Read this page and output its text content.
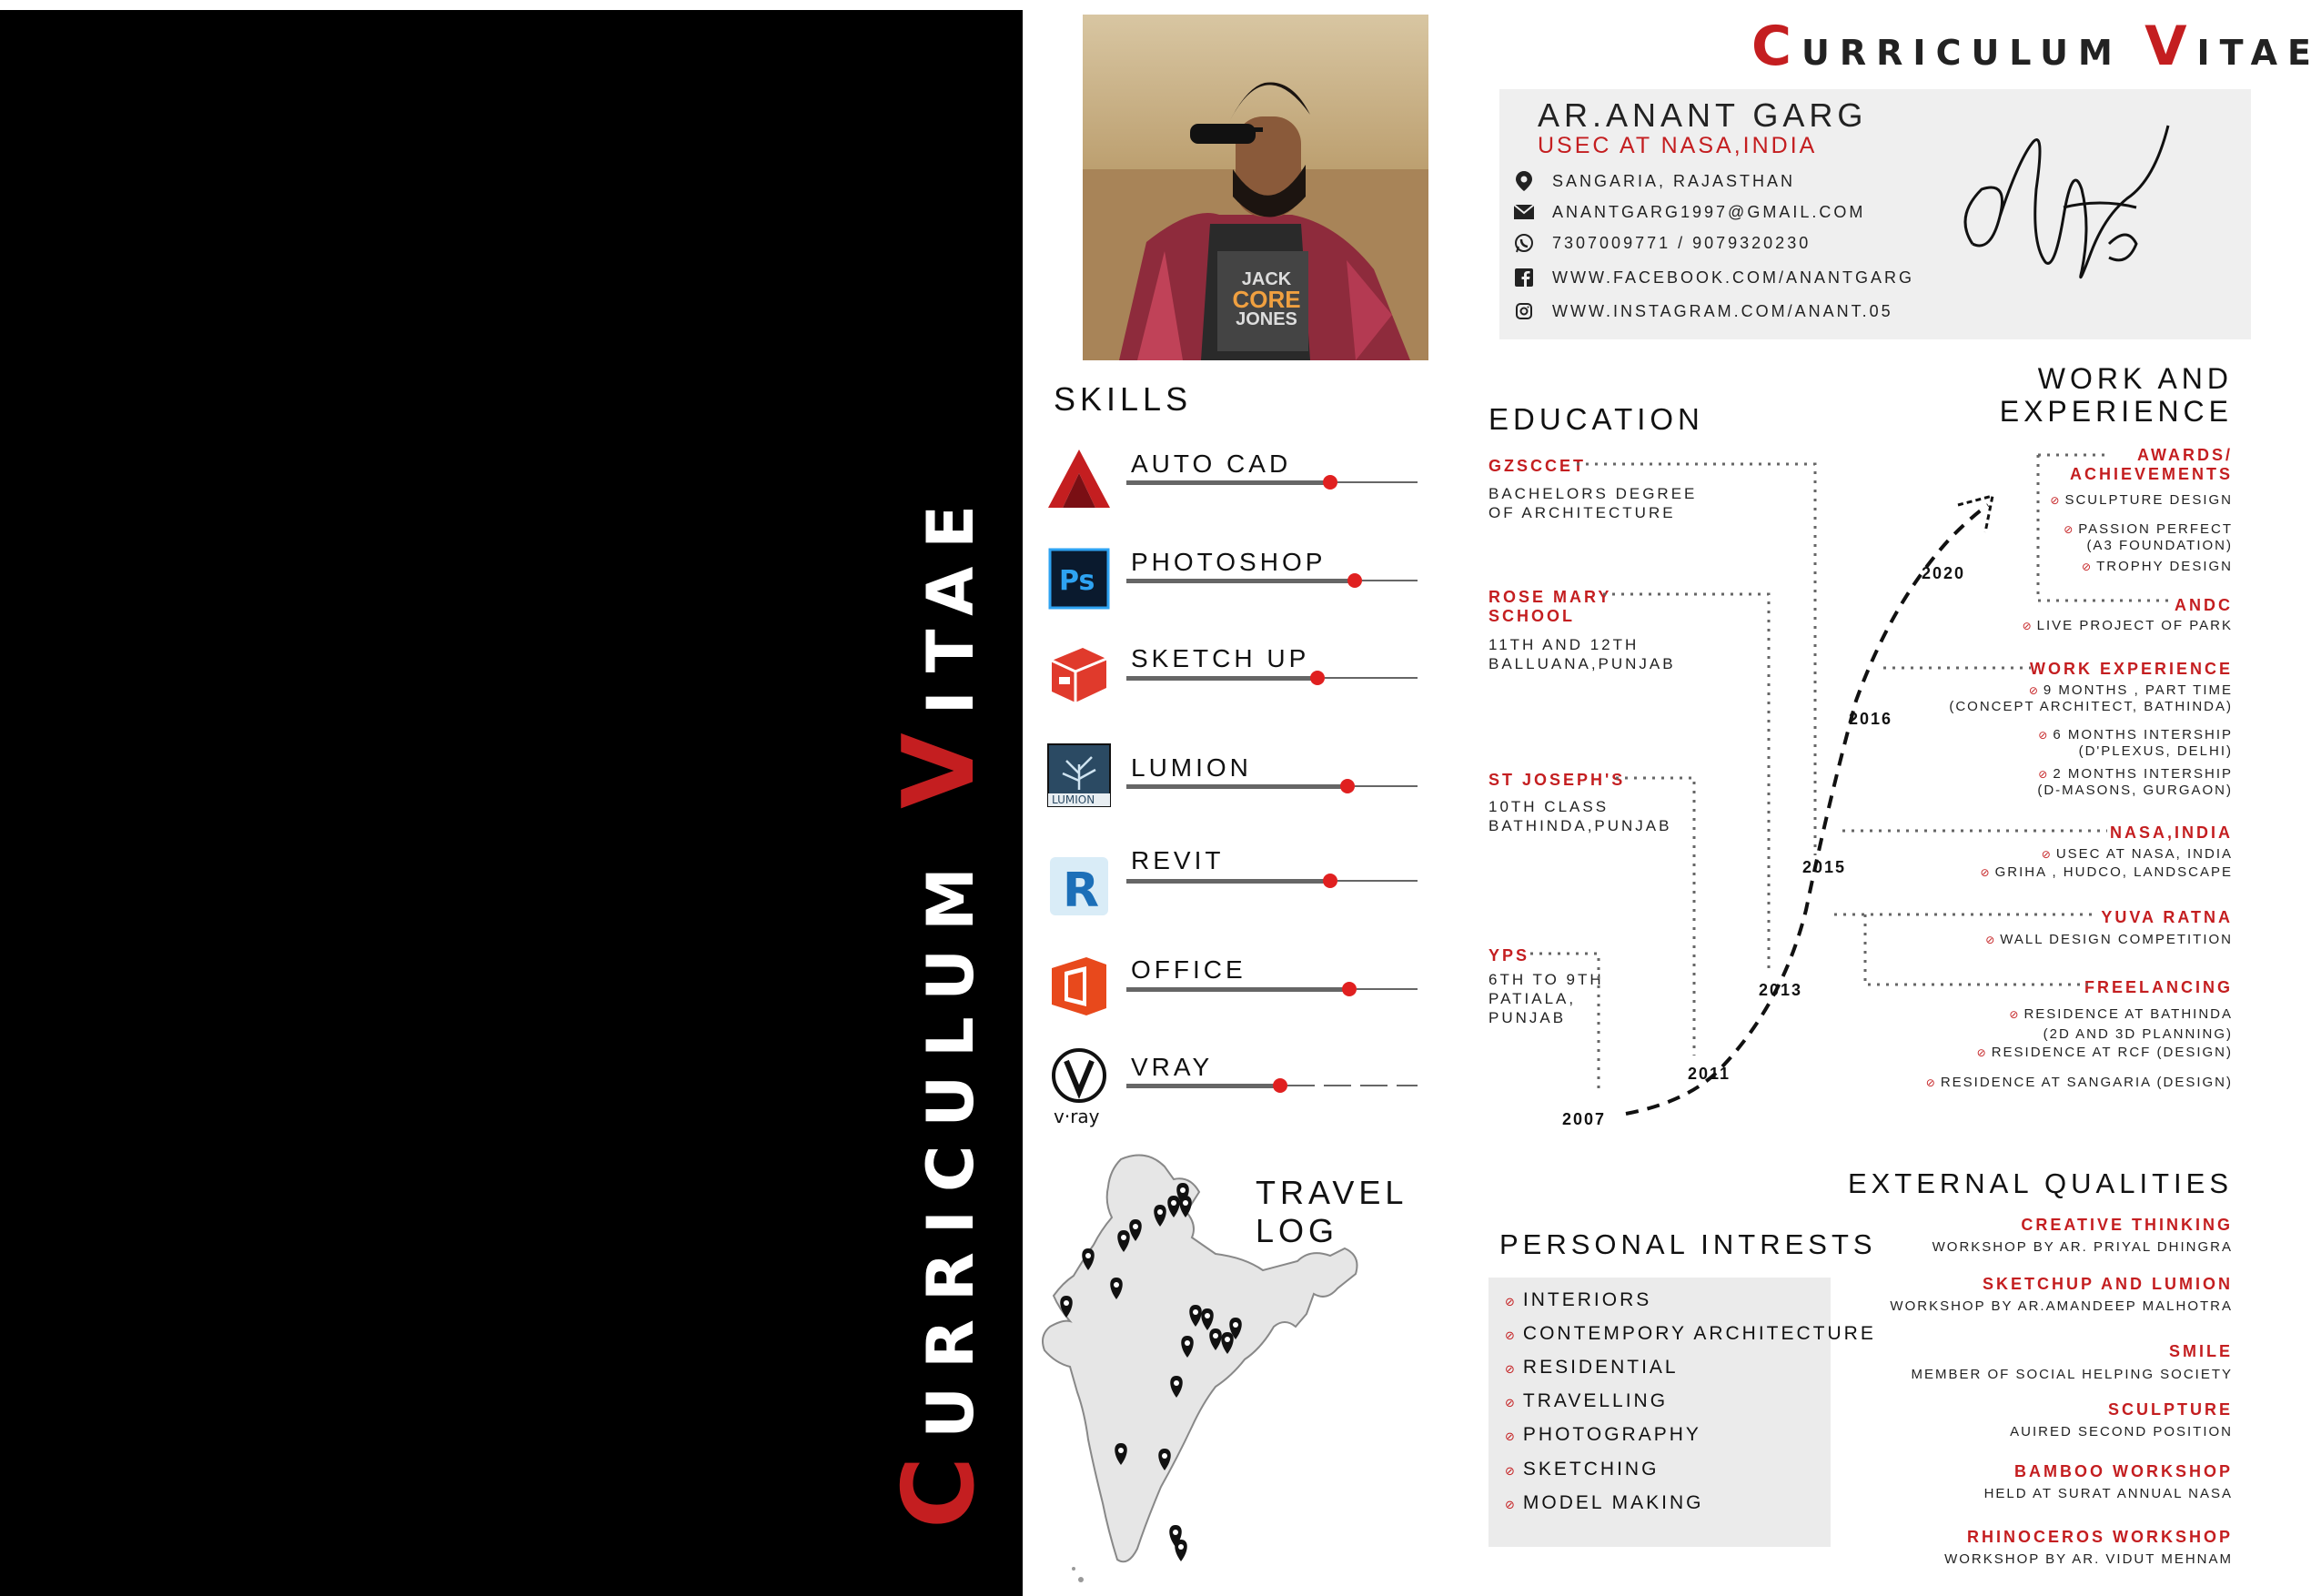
CURRICULUM VITAE
CURRICULUM VITAE
JACK
CORE
JONES
AR.ANANT GARG
USEC AT NASA,INDIA
SANGARIA, RAJASTHAN
ANANTGARG1997@GMAIL.COM
7307009771 / 9079320230
WWW.FACEBOOK.COM/ANANTGARG
WWW.INSTAGRAM.COM/ANANT.05
SKILLS
Ps
LUMION
R
v·ray
AUTO CAD
PHOTOSHOP
SKETCH UP
LUMION
REVIT
OFFICE
VRAY
TRAVEL
LOG
EDUCATION
GZSCCET
BACHELORS DEGREE
OF ARCHITECTURE
ROSE MARY
SCHOOL
11TH AND 12TH
BALLUANA,PUNJAB
ST JOSEPH'S
10TH CLASS
BATHINDA,PUNJAB
YPS
6TH TO 9TH
PATIALA,
PUNJAB
2007
2011
2013
2015
2016
2020
WORK AND
EXPERIENCE
AWARDS/
ACHIEVEMENTS
⊘ SCULPTURE DESIGN
⊘ PASSION PERFECT
(A3 FOUNDATION)
⊘ TROPHY DESIGN
ANDC
⊘ LIVE PROJECT OF PARK
WORK EXPERIENCE
⊘ 9 MONTHS , PART TIME
(CONCEPT ARCHITECT, BATHINDA)
⊘ 6 MONTHS INTERSHIP
(D'PLEXUS, DELHI)
⊘ 2 MONTHS INTERSHIP
(D-MASONS, GURGAON)
NASA,INDIA
⊘ USEC AT NASA, INDIA
⊘ GRIHA , HUDCO, LANDSCAPE
YUVA RATNA
⊘ WALL DESIGN COMPETITION
FREELANCING
⊘ RESIDENCE AT BATHINDA
(2D AND 3D PLANNING)
⊘ RESIDENCE AT RCF (DESIGN)
⊘ RESIDENCE AT SANGARIA (DESIGN)
PERSONAL INTRESTS
⊘ INTERIORS
⊘ CONTEMPORY ARCHITECTURE
⊘ RESIDENTIAL
⊘ TRAVELLING
⊘ PHOTOGRAPHY
⊘ SKETCHING
⊘ MODEL MAKING
EXTERNAL QUALITIES
CREATIVE THINKING
WORKSHOP BY AR. PRIYAL DHINGRA
SKETCHUP AND LUMION
WORKSHOP BY AR.AMANDEEP MALHOTRA
SMILE
MEMBER OF SOCIAL HELPING SOCIETY
SCULPTURE
AUIRED SECOND POSITION
BAMBOO WORKSHOP
HELD AT SURAT ANNUAL NASA
RHINOCEROS WORKSHOP
WORKSHOP BY AR. VIDUT MEHNAM
